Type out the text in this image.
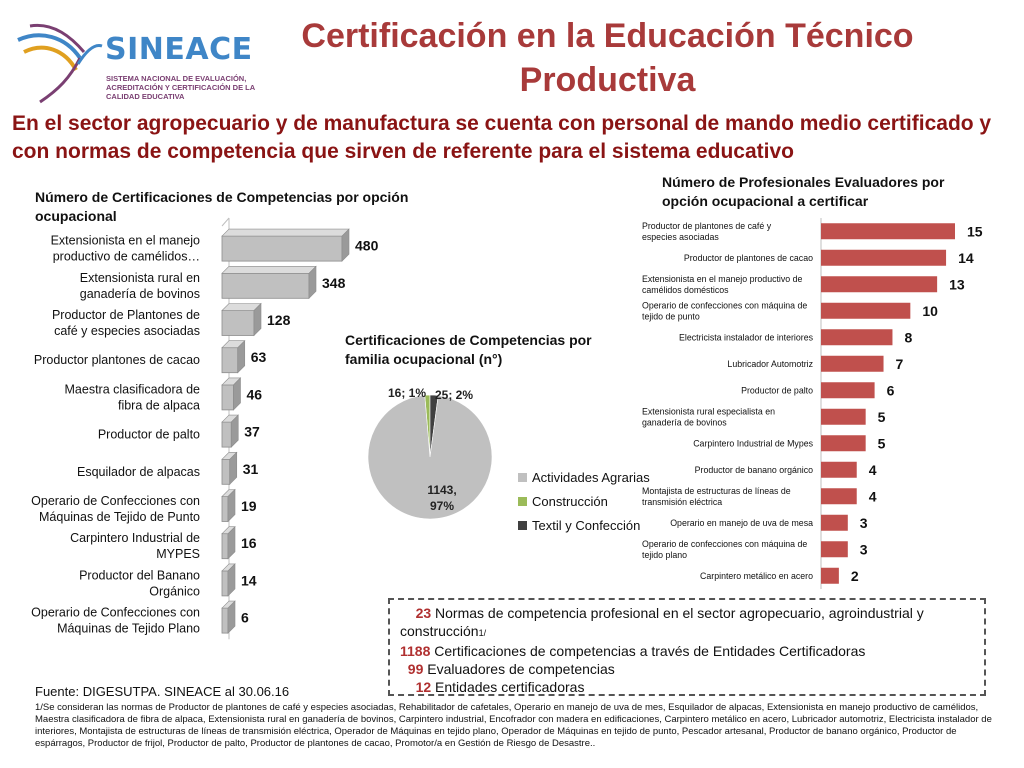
SINEACE
SISTEMA NACIONAL DE EVALUACIÓN, ACREDITACIÓN Y CERTIFICACIÓN DE LA CALIDAD EDUCATIVA
Certificación en la Educación Técnico Productiva
En el sector agropecuario y de manufactura se cuenta con personal de mando medio certificado y con normas de competencia que sirven de referente para el sistema educativo
Número de Certificaciones de Competencias por opción ocupacional
480
Extensionista en el manejo productivo de camélidos…
348
Extensionista rural en ganadería de bovinos
128
Productor de Plantones de café y especies asociadas
63
Productor plantones de cacao
46
Maestra clasificadora de fibra de alpaca
37
Productor de palto
31
Esquilador de alpacas
19
Operario de Confecciones con Máquinas de Tejido de Punto
16
Carpintero Industrial de MYPES
14
Productor del Banano Orgánico
6
Operario de Confecciones con Máquinas de Tejido Plano
Certificaciones de Competencias por familia ocupacional (n°)
1143,
97%
16; 1% 25; 2%
Actividades Agrarias
Construcción
Textil y Confección
Número de Profesionales Evaluadores por opción ocupacional a certificar
15
Productor de plantones de café y especies asociadas
14
Productor de plantones de cacao
13
Extensionista en el manejo productivo de camélidos domésticos
10
Operario de confecciones con máquina de tejido de punto
8
Electricista instalador de interiores
7
Lubricador Automotriz
6
Productor de palto
5
Extensionista rural especialista en ganadería de bovinos
5
Carpintero Industrial de Mypes
4
Productor de banano orgánico
4
Montajista de estructuras de líneas de transmisión eléctrica
3
Operario en manejo de uva de mesa
3
Operario de confecciones con máquina de tejido plano
2
Carpintero metálico en acero
23 Normas de competencia profesional en el sector agropecuario, agroindustrial y construcción1/
1188 Certificaciones de competencias a través de Entidades Certificadoras
99 Evaluadores de competencias
12 Entidades certificadoras
Fuente: DIGESUTPA. SINEACE al 30.06.16
1/Se consideran las normas de Productor de plantones de café y especies asociadas, Rehabilitador de cafetales, Operario en manejo de uva de mes, Esquilador de alpacas, Extensionista en manejo productivo de camélidos, Maestra clasificadora de fibra de alpaca, Extensionista rural en ganadería de bovinos, Carpintero industrial, Encofrador con madera en edificaciones, Carpintero metálico en acero, Lubricador automotriz, Electricista instalador de interiores, Montajista de estructuras de líneas de transmisión eléctrica, Operador de Máquinas en tejido plano, Operador de Máquinas en tejido de punto, Pescador artesanal, Productor de banano orgánico, Productor de espárragos, Productor de frijol, Productor de palto, Productor de plantones de cacao, Promotor/a en Gestión de Riesgo de Desastre..
